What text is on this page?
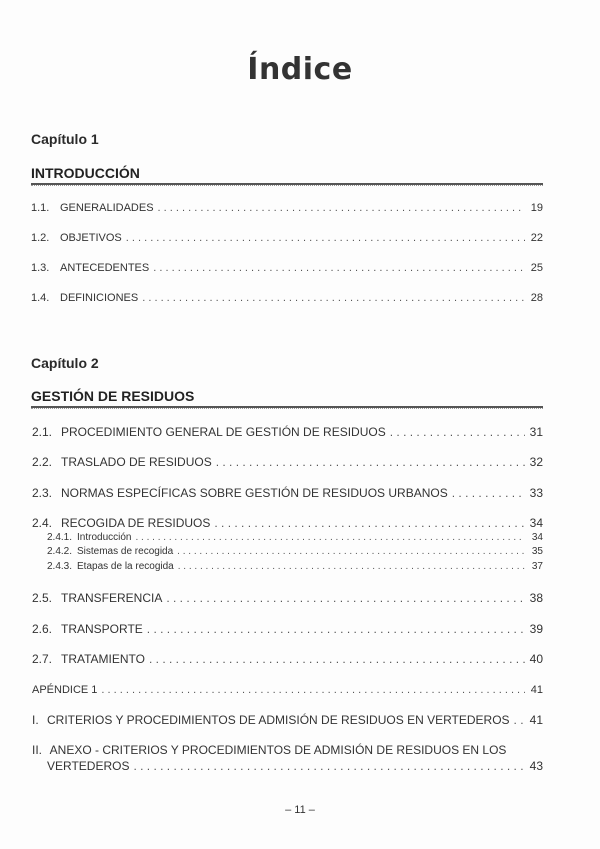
Índice
Capítulo 1
INTRODUCCIÓN
1.1. GENERALIDADES . . .	19
1.2. OBJETIVOS . . .	22
1.3. ANTECEDENTES . . .	25
1.4. DEFINICIONES . . .	28
Capítulo 2
GESTIÓN DE RESIDUOS
2.1. PROCEDIMIENTO GENERAL DE GESTIÓN DE RESIDUOS . . .	31
2.2. TRASLADO DE RESIDUOS . . .	32
2.3. NORMAS ESPECÍFICAS SOBRE GESTIÓN DE RESIDUOS URBANOS . . .	33
2.4. RECOGIDA DE RESIDUOS . . .	34
2.4.1. Introducción . . .	34
2.4.2. Sistemas de recogida . . .	35
2.4.3. Etapas de la recogida . . .	37
2.5. TRANSFERENCIA . . .	38
2.6. TRANSPORTE . . .	39
2.7. TRATAMIENTO . . .	40
APÉNDICE 1 . . .	41
I. CRITERIOS Y PROCEDIMIENTOS DE ADMISIÓN DE RESIDUOS EN VERTEDEROS . . . 41
II. ANEXO - CRITERIOS Y PROCEDIMIENTOS DE ADMISIÓN DE RESIDUOS EN LOS
VERTEDEROS . . .	43
– 11 –
